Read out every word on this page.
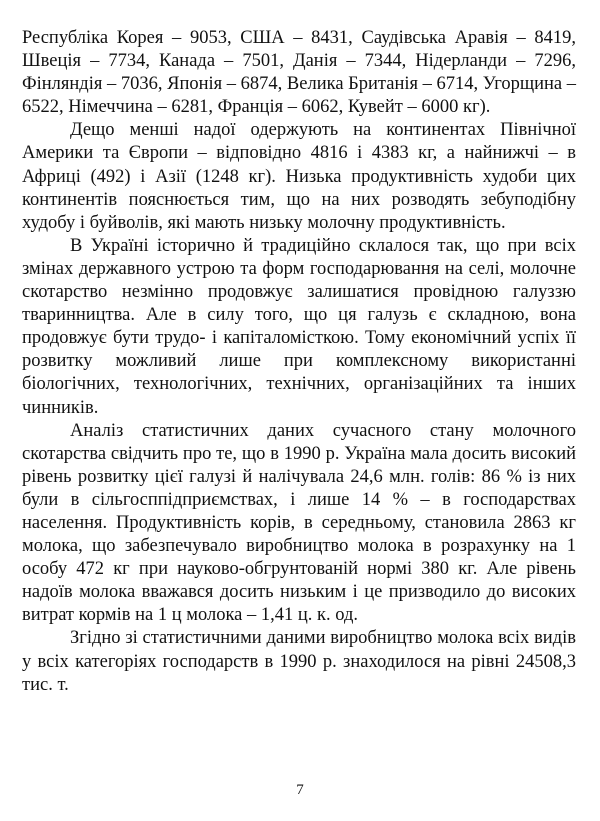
Республіка Корея – 9053, США – 8431, Саудівська Аравія – 8419, Швеція – 7734, Канада – 7501, Данія – 7344, Нідерланди – 7296, Фінляндія – 7036, Японія – 6874, Велика Британія – 6714, Угорщина – 6522, Німеччина – 6281, Франція – 6062, Кувейт – 6000 кг).

Дещо менші надої одержують на континентах Північної Америки та Європи – відповідно 4816 і 4383 кг, а найнижчі – в Африці (492) і Азії (1248 кг). Низька продуктивність худоби цих континентів пояснюється тим, що на них розводять зебуподібну худобу і буйволів, які мають низьку молочну продуктивність.

В Україні історично й традиційно склалося так, що при всіх змінах державного устрою та форм господарювання на селі, молочне скотарство незмінно продовжує залишатися провідною галуззю тваринництва. Але в силу того, що ця галузь є складною, вона продовжує бути трудо- і капіталомісткою. Тому економічний успіх її розвитку можливий лише при комплексному використанні біологічних, технологічних, технічних, організаційних та інших чинників.

Аналіз статистичних даних сучасного стану молочного скотарства свідчить про те, що в 1990 р. Україна мала досить високий рівень розвитку цієї галузі й налічувала 24,6 млн. голів: 86 % із них були в сільгосппідприємствах, і лише 14 % – в господарствах населення. Продуктивність корів, в середньому, становила 2863 кг молока, що забезпечувало виробництво молока в розрахунку на 1 особу 472 кг при науково-обгрунтованій нормі 380 кг. Але рівень надоїв молока вважався досить низьким і це призводило до високих витрат кормів на 1 ц молока – 1,41 ц. к. од.

Згідно зі статистичними даними виробництво молока всіх видів у всіх категоріях господарств в 1990 р. знаходилося на рівні 24508,3 тис. т.

7
